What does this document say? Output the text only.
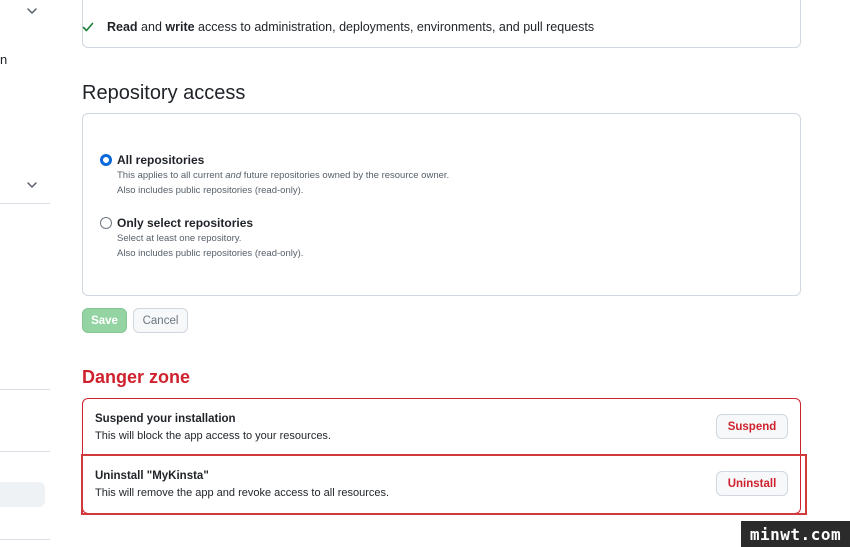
n
Read and write access to administration, deployments, environments, and pull requests
Repository access
All repositories
This applies to all current and future repositories owned by the resource owner.
Also includes public repositories (read-only).
Only select repositories
Select at least one repository.
Also includes public repositories (read-only).
Save	Cancel
Danger zone
Suspend your installation
This will block the app access to your resources.
Suspend
Uninstall "MyKinsta"
This will remove the app and revoke access to all resources.
Uninstall
minwt.com
